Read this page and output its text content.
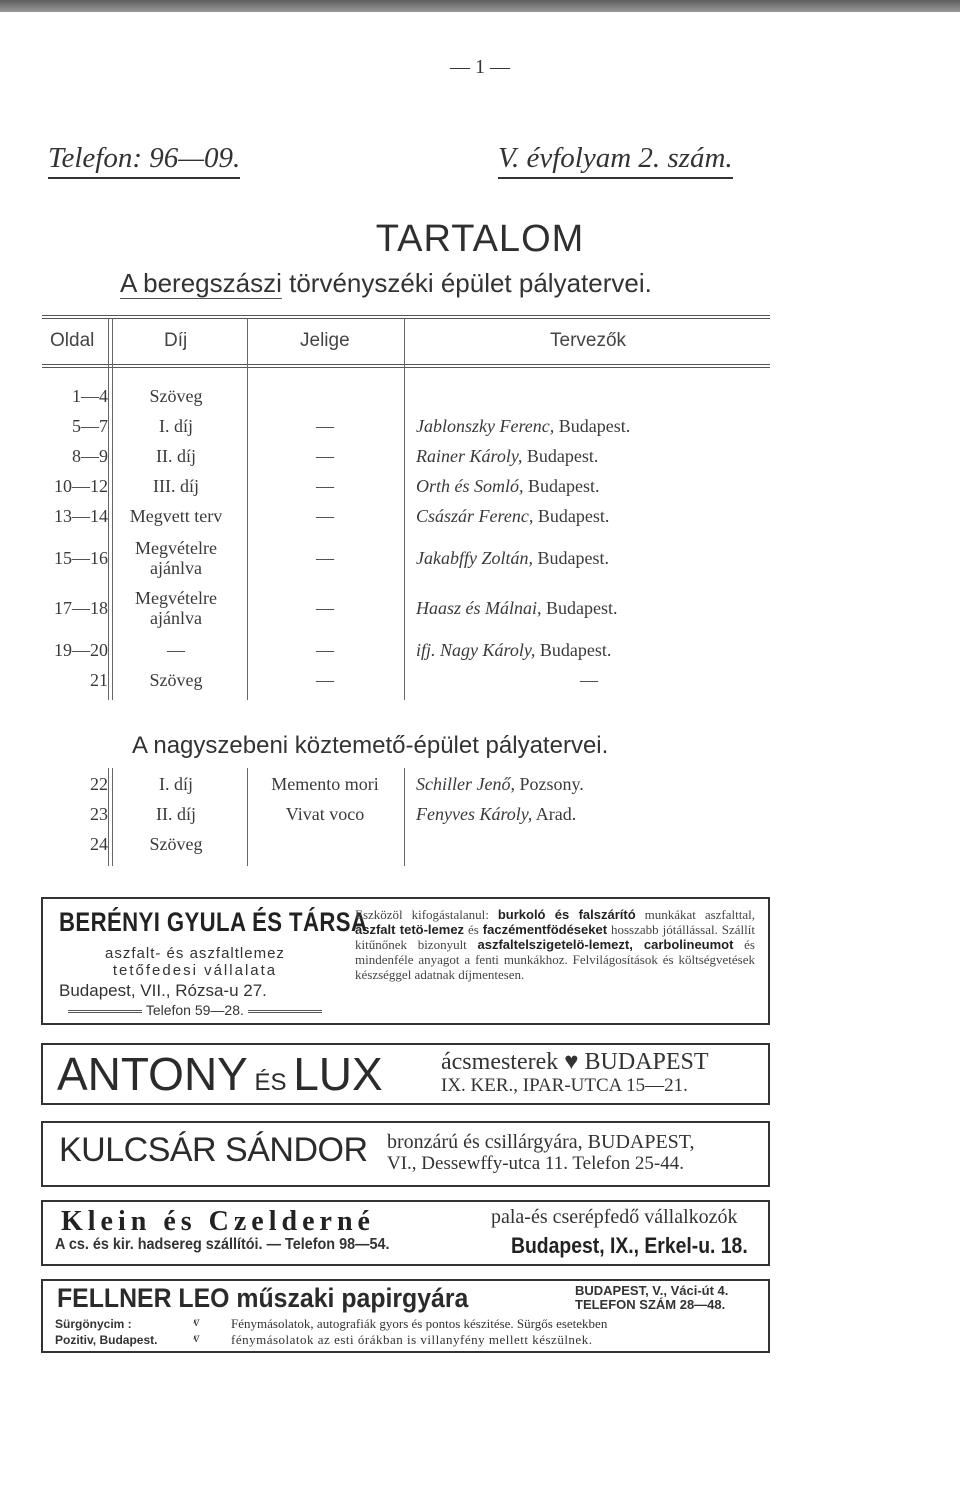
— 1 —
Telefon: 96—09.	V. évfolyam 2. szám.
TARTALOM
A beregszászi törvényszéki épület pályatervei.
Oldal	Díj	Jelige	Tervezők
1—4	Szöveg
5—7	I. díj	—	Jablonszky Ferenc, Budapest.
8—9	II. díj	—	Rainer Károly, Budapest.
10—12	III. díj	—	Orth és Somló, Budapest.
13—14	Megvett terv	—	Császár Ferenc, Budapest.
15—16	Megvételre
ajánlva	—	Jakabffy Zoltán, Budapest.
17—18	Megvételre
ajánlva	—	Haasz és Málnai, Budapest.
19—20	—	—	ifj. Nagy Károly, Budapest.
21	Szöveg	—	—
A nagyszebeni köztemető-épület pályatervei.
22	I. díj	Memento mori	Schiller Jenő, Pozsony.
23	II. díj	Vivat voco	Fenyves Károly, Arad.
24	Szöveg
BERÉNYI GYULA ÉS TÁRSA
aszfalt- és aszfaltlemez
tetőfedesi vállalata
Budapest, VII., Rózsa-u 27.
Telefon 59—28.
Eszközöl kifogástalanul: burkoló és falszárító munkákat aszfalttal, aszfalt tetö-lemez és faczémentfödéseket hosszabb jótállással. Szállít kitűnőnek bizonyult aszfaltelszigetelö-lemezt, carbolineumot és mindenféle anyagot a fenti munkákhoz. Felvilágosítások és költségvetések készséggel adatnak díjmentesen.
ANTONY ÉS LUX ácsmesterek ♥ BUDAPEST
IX. KER., IPAR-UTCA 15—21.
KULCSÁR SÁNDOR bronzárú és csillárgyára, BUDAPEST,
VI., Dessewffy-utca 11. Telefon 25-44.
Klein és Czelderné	pala-és cserépfedő vállalkozók
A cs. és kir. hadsereg szállítói. — Telefon 98—54.	Budapest, IX., Erkel-u. 18.
FELLNER LEO műszaki papirgyára	BUDAPEST, V., Váci-út 4.
TELEFON SZÁM 28—48.
Sürgönycim :
Pozitiv, Budapest.
ⱴ
ⱴ
Fénymásolatok, autografiák gyors és pontos készitése. Sürgős esetekben
fénymásolatok az esti órákban is villanyfény mellett készülnek.
